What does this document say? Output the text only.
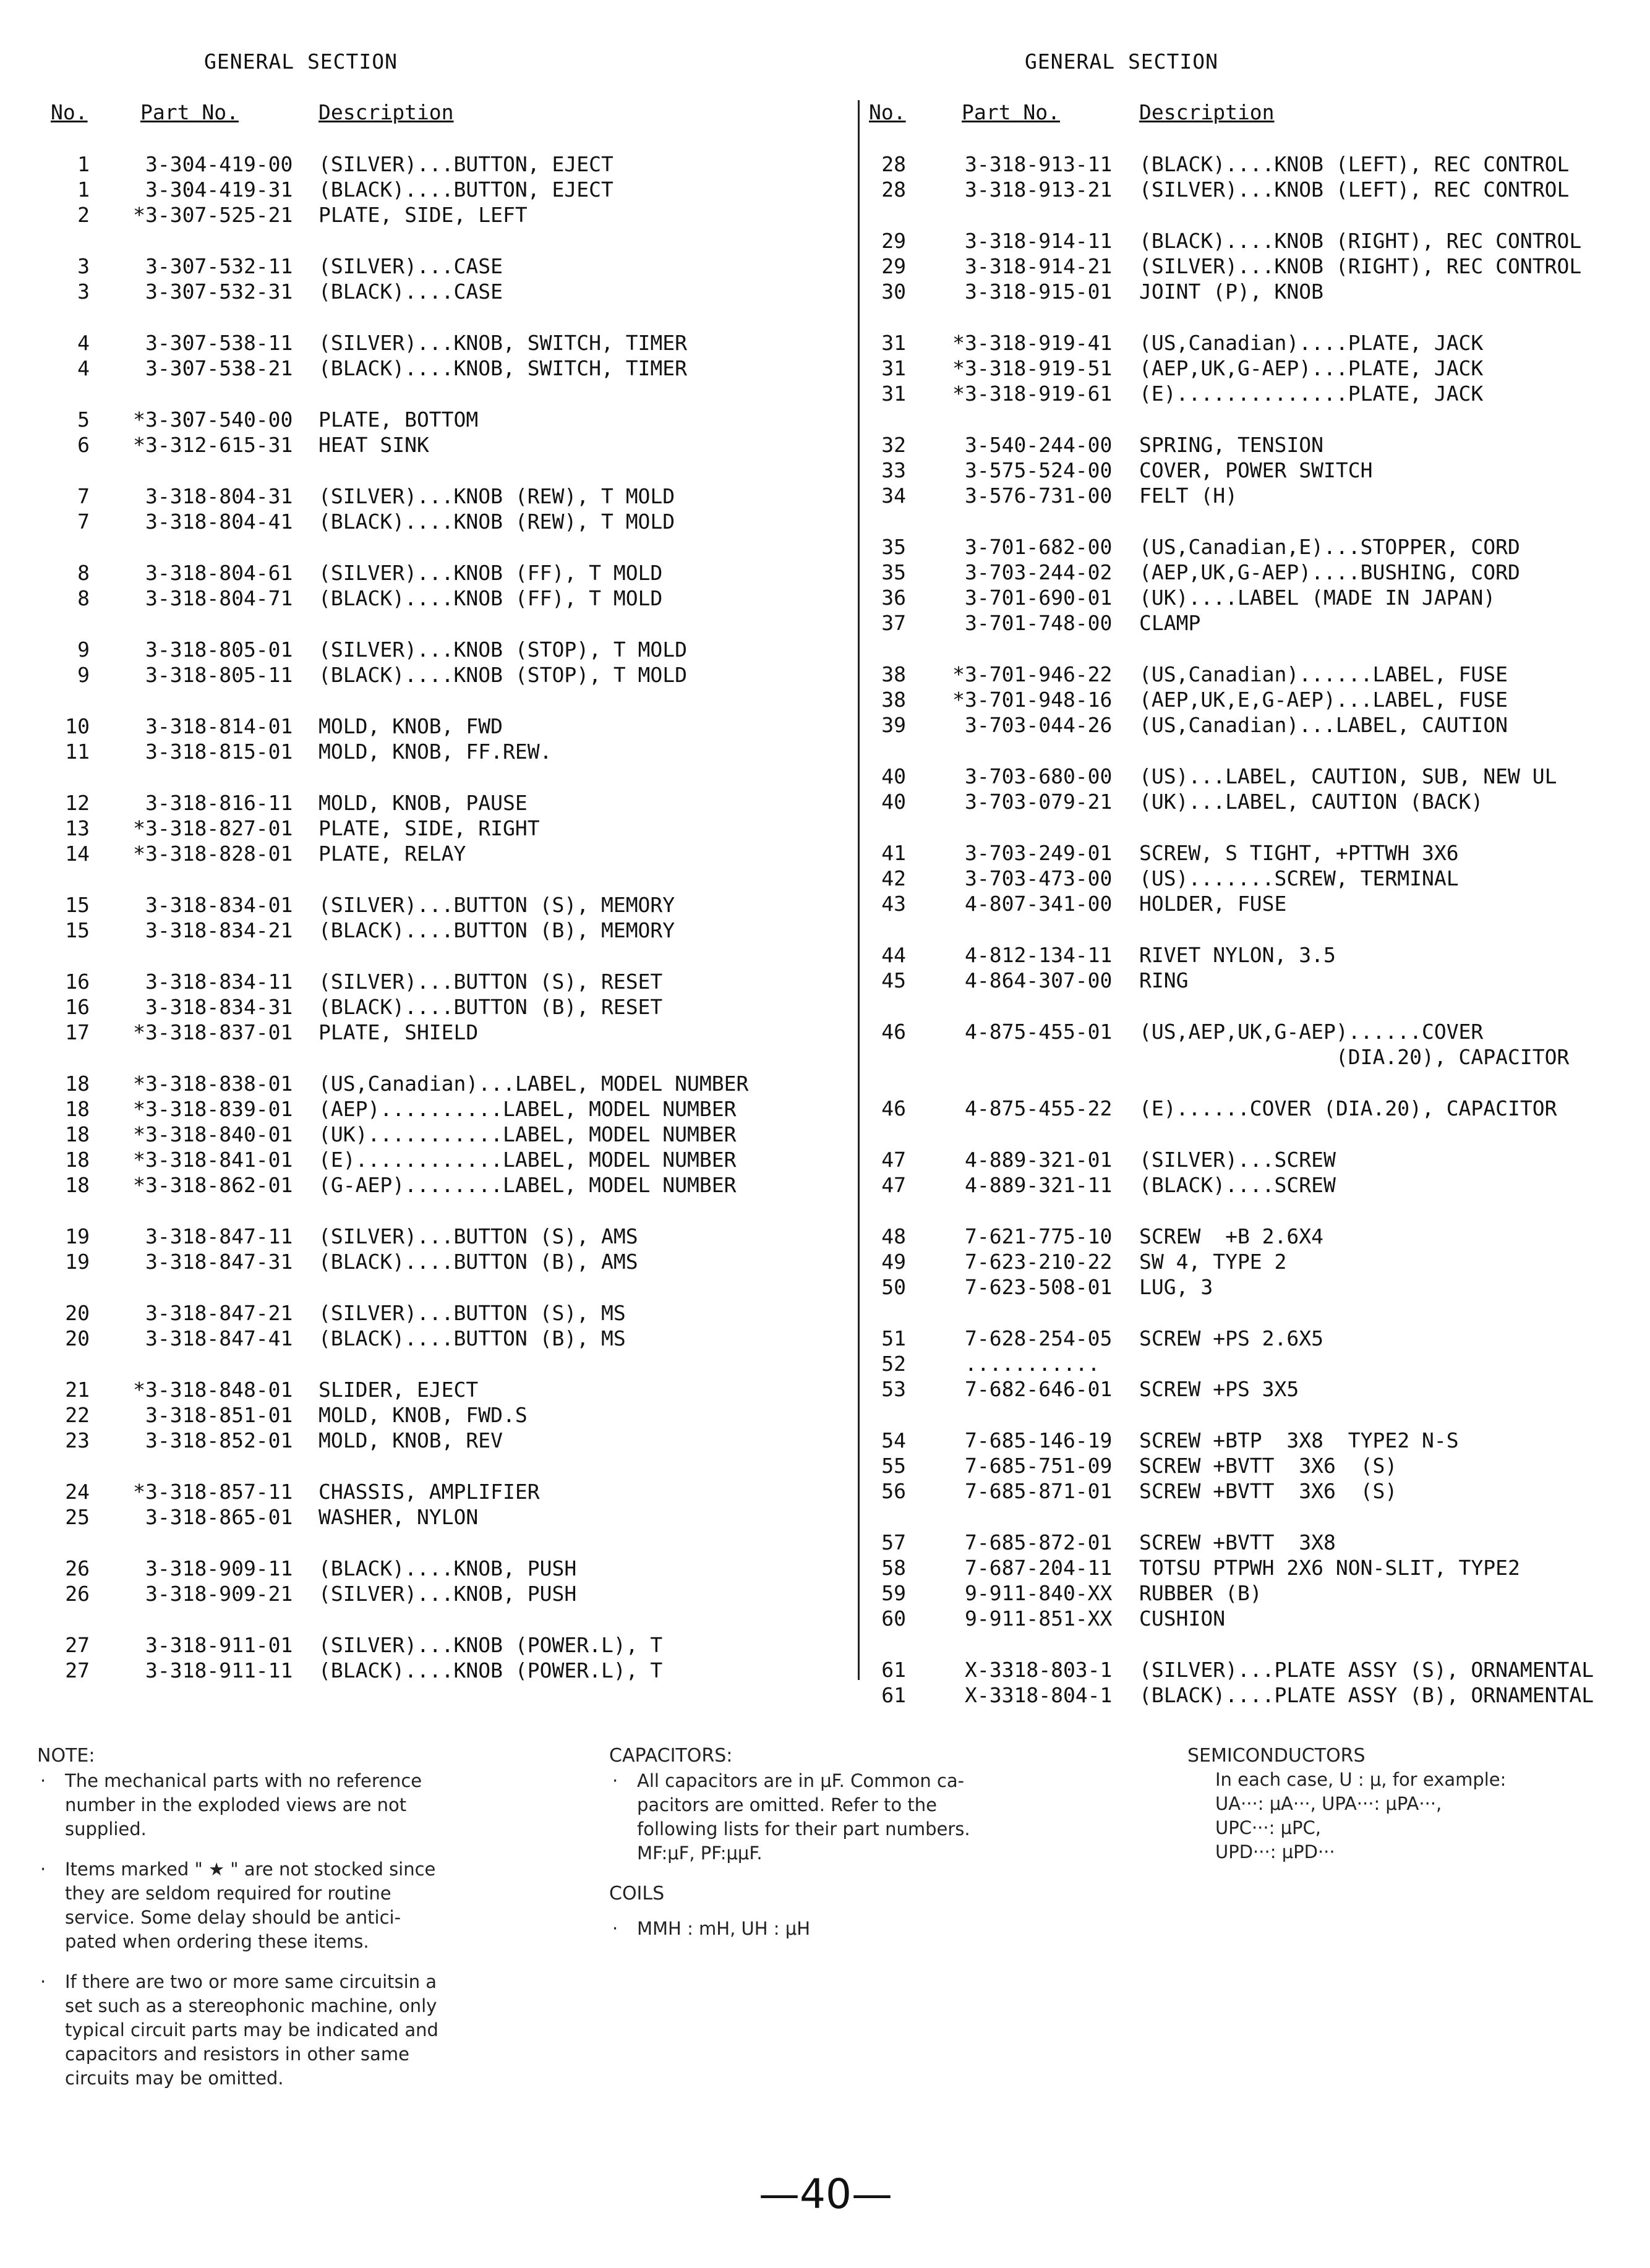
GENERAL SECTION
No.	Part No.	Description
1	3-304-419-00 (SILVER)...BUTTON, EJECT
1	3-304-419-31 (BLACK)....BUTTON, EJECT
2	* 3-307-525-21 PLATE, SIDE, LEFT
3	3-307-532-11 (SILVER)...CASE
3	3-307-532-31 (BLACK)....CASE
4	3-307-538-11 (SILVER)...KNOB, SWITCH, TIMER
4	3-307-538-21 (BLACK)....KNOB, SWITCH, TIMER
5	* 3-307-540-00 PLATE, BOTTOM
6	* 3-312-615-31 HEAT SINK
7	3-318-804-31 (SILVER)...KNOB (REW), T MOLD
7	3-318-804-41 (BLACK)....KNOB (REW), T MOLD
8	3-318-804-61 (SILVER)...KNOB (FF), T MOLD
8	3-318-804-71 (BLACK)....KNOB (FF), T MOLD
9	3-318-805-01 (SILVER)...KNOB (STOP), T MOLD
9	3-318-805-11 (BLACK)....KNOB (STOP), T MOLD
10	3-318-814-01 MOLD, KNOB, FWD
11	3-318-815-01 MOLD, KNOB, FF.REW.
12	3-318-816-11 MOLD, KNOB, PAUSE
13	* 3-318-827-01 PLATE, SIDE, RIGHT
14	* 3-318-828-01 PLATE, RELAY
15	3-318-834-01 (SILVER)...BUTTON (S), MEMORY
15	3-318-834-21 (BLACK)....BUTTON (B), MEMORY
16	3-318-834-11 (SILVER)...BUTTON (S), RESET
16	3-318-834-31 (BLACK)....BUTTON (B), RESET
17	* 3-318-837-01 PLATE, SHIELD
18	* 3-318-838-01 (US,Canadian)...LABEL, MODEL NUMBER
18	* 3-318-839-01 (AEP)..........LABEL, MODEL NUMBER
18	* 3-318-840-01 (UK)...........LABEL, MODEL NUMBER
18	* 3-318-841-01 (E)............LABEL, MODEL NUMBER
18	* 3-318-862-01 (G-AEP)........LABEL, MODEL NUMBER
19	3-318-847-11 (SILVER)...BUTTON (S), AMS
19	3-318-847-31 (BLACK)....BUTTON (B), AMS
20	3-318-847-21 (SILVER)...BUTTON (S), MS
20	3-318-847-41 (BLACK)....BUTTON (B), MS
21	* 3-318-848-01 SLIDER, EJECT
22	3-318-851-01 MOLD, KNOB, FWD.S
23	3-318-852-01 MOLD, KNOB, REV
24	* 3-318-857-11 CHASSIS, AMPLIFIER
25	3-318-865-01 WASHER, NYLON
26	3-318-909-11 (BLACK)....KNOB, PUSH
26	3-318-909-21 (SILVER)...KNOB, PUSH
27	3-318-911-01 (SILVER)...KNOB (POWER.L), T
27	3-318-911-11 (BLACK)....KNOB (POWER.L), T
GENERAL SECTION
No.	Part No.	Description
28	3-318-913-11 (BLACK)....KNOB (LEFT), REC CONTROL
28	3-318-913-21 (SILVER)...KNOB (LEFT), REC CONTROL
29	3-318-914-11 (BLACK)....KNOB (RIGHT), REC CONTROL
29	3-318-914-21 (SILVER)...KNOB (RIGHT), REC CONTROL
30	3-318-915-01 JOINT (P), KNOB
31	* 3-318-919-41 (US,Canadian)....PLATE, JACK
31	* 3-318-919-51 (AEP,UK,G-AEP)...PLATE, JACK
31	* 3-318-919-61 (E)..............PLATE, JACK
32	3-540-244-00 SPRING, TENSION
33	3-575-524-00 COVER, POWER SWITCH
34	3-576-731-00 FELT (H)
35	3-701-682-00 (US,Canadian,E)...STOPPER, CORD
35	3-703-244-02 (AEP,UK,G-AEP)....BUSHING, CORD
36	3-701-690-01 (UK)....LABEL (MADE IN JAPAN)
37	3-701-748-00 CLAMP
38	* 3-701-946-22 (US,Canadian)......LABEL, FUSE
38	* 3-701-948-16 (AEP,UK,E,G-AEP)...LABEL, FUSE
39	3-703-044-26 (US,Canadian)...LABEL, CAUTION
40	3-703-680-00 (US)...LABEL, CAUTION, SUB, NEW UL
40	3-703-079-21 (UK)...LABEL, CAUTION (BACK)
41	3-703-249-01 SCREW, S TIGHT, +PTTWH 3X6
42	3-703-473-00 (US).......SCREW, TERMINAL
43	4-807-341-00 HOLDER, FUSE
44	4-812-134-11 RIVET NYLON, 3.5
45	4-864-307-00 RING
46	4-875-455-01 (US,AEP,UK,G-AEP)......COVER
(DIA.20), CAPACITOR
46	4-875-455-22 (E)......COVER (DIA.20), CAPACITOR
47	4-889-321-01 (SILVER)...SCREW
47	4-889-321-11 (BLACK)....SCREW
48	7-621-775-10 SCREW  +B 2.6X4
49	7-623-210-22 SW 4, TYPE 2
50	7-623-508-01 LUG, 3
51	7-628-254-05 SCREW +PS 2.6X5
52	...........
53	7-682-646-01 SCREW +PS 3X5
54	7-685-146-19 SCREW +BTP  3X8  TYPE2 N-S
55	7-685-751-09 SCREW +BVTT  3X6  (S)
56	7-685-871-01 SCREW +BVTT  3X6  (S)
57	7-685-872-01 SCREW +BVTT  3X8
58	7-687-204-11 TOTSU PTPWH 2X6 NON-SLIT, TYPE2
59	9-911-840-XX RUBBER (B)
60	9-911-851-XX CUSHION
61	X-3318-803-1 (SILVER)...PLATE ASSY (S), ORNAMENTAL
61	X-3318-804-1 (BLACK)....PLATE ASSY (B), ORNAMENTAL

NOTE:

· The mechanical parts with no reference

number in the exploded views are not

supplied.

· Items marked " ★ " are not stocked since

they are seldom required for routine

service. Some delay should be antici-

pated when ordering these items.

· If there are two or more same circuitsin a

set such as a stereophonic machine, only

typical circuit parts may be indicated and

capacitors and resistors in other same

circuits may be omitted.

CAPACITORS:

· All capacitors are in μF. Common ca-

pacitors are omitted. Refer to the

following lists for their part numbers.

MF:μF, PF:μμF.

COILS

· MMH : mH, UH : μH

SEMICONDUCTORS

In each case, U : μ, for example:

UA···: μA···, UPA···: μPA···,

UPC···: μPC,

UPD···: μPD···

—40—
